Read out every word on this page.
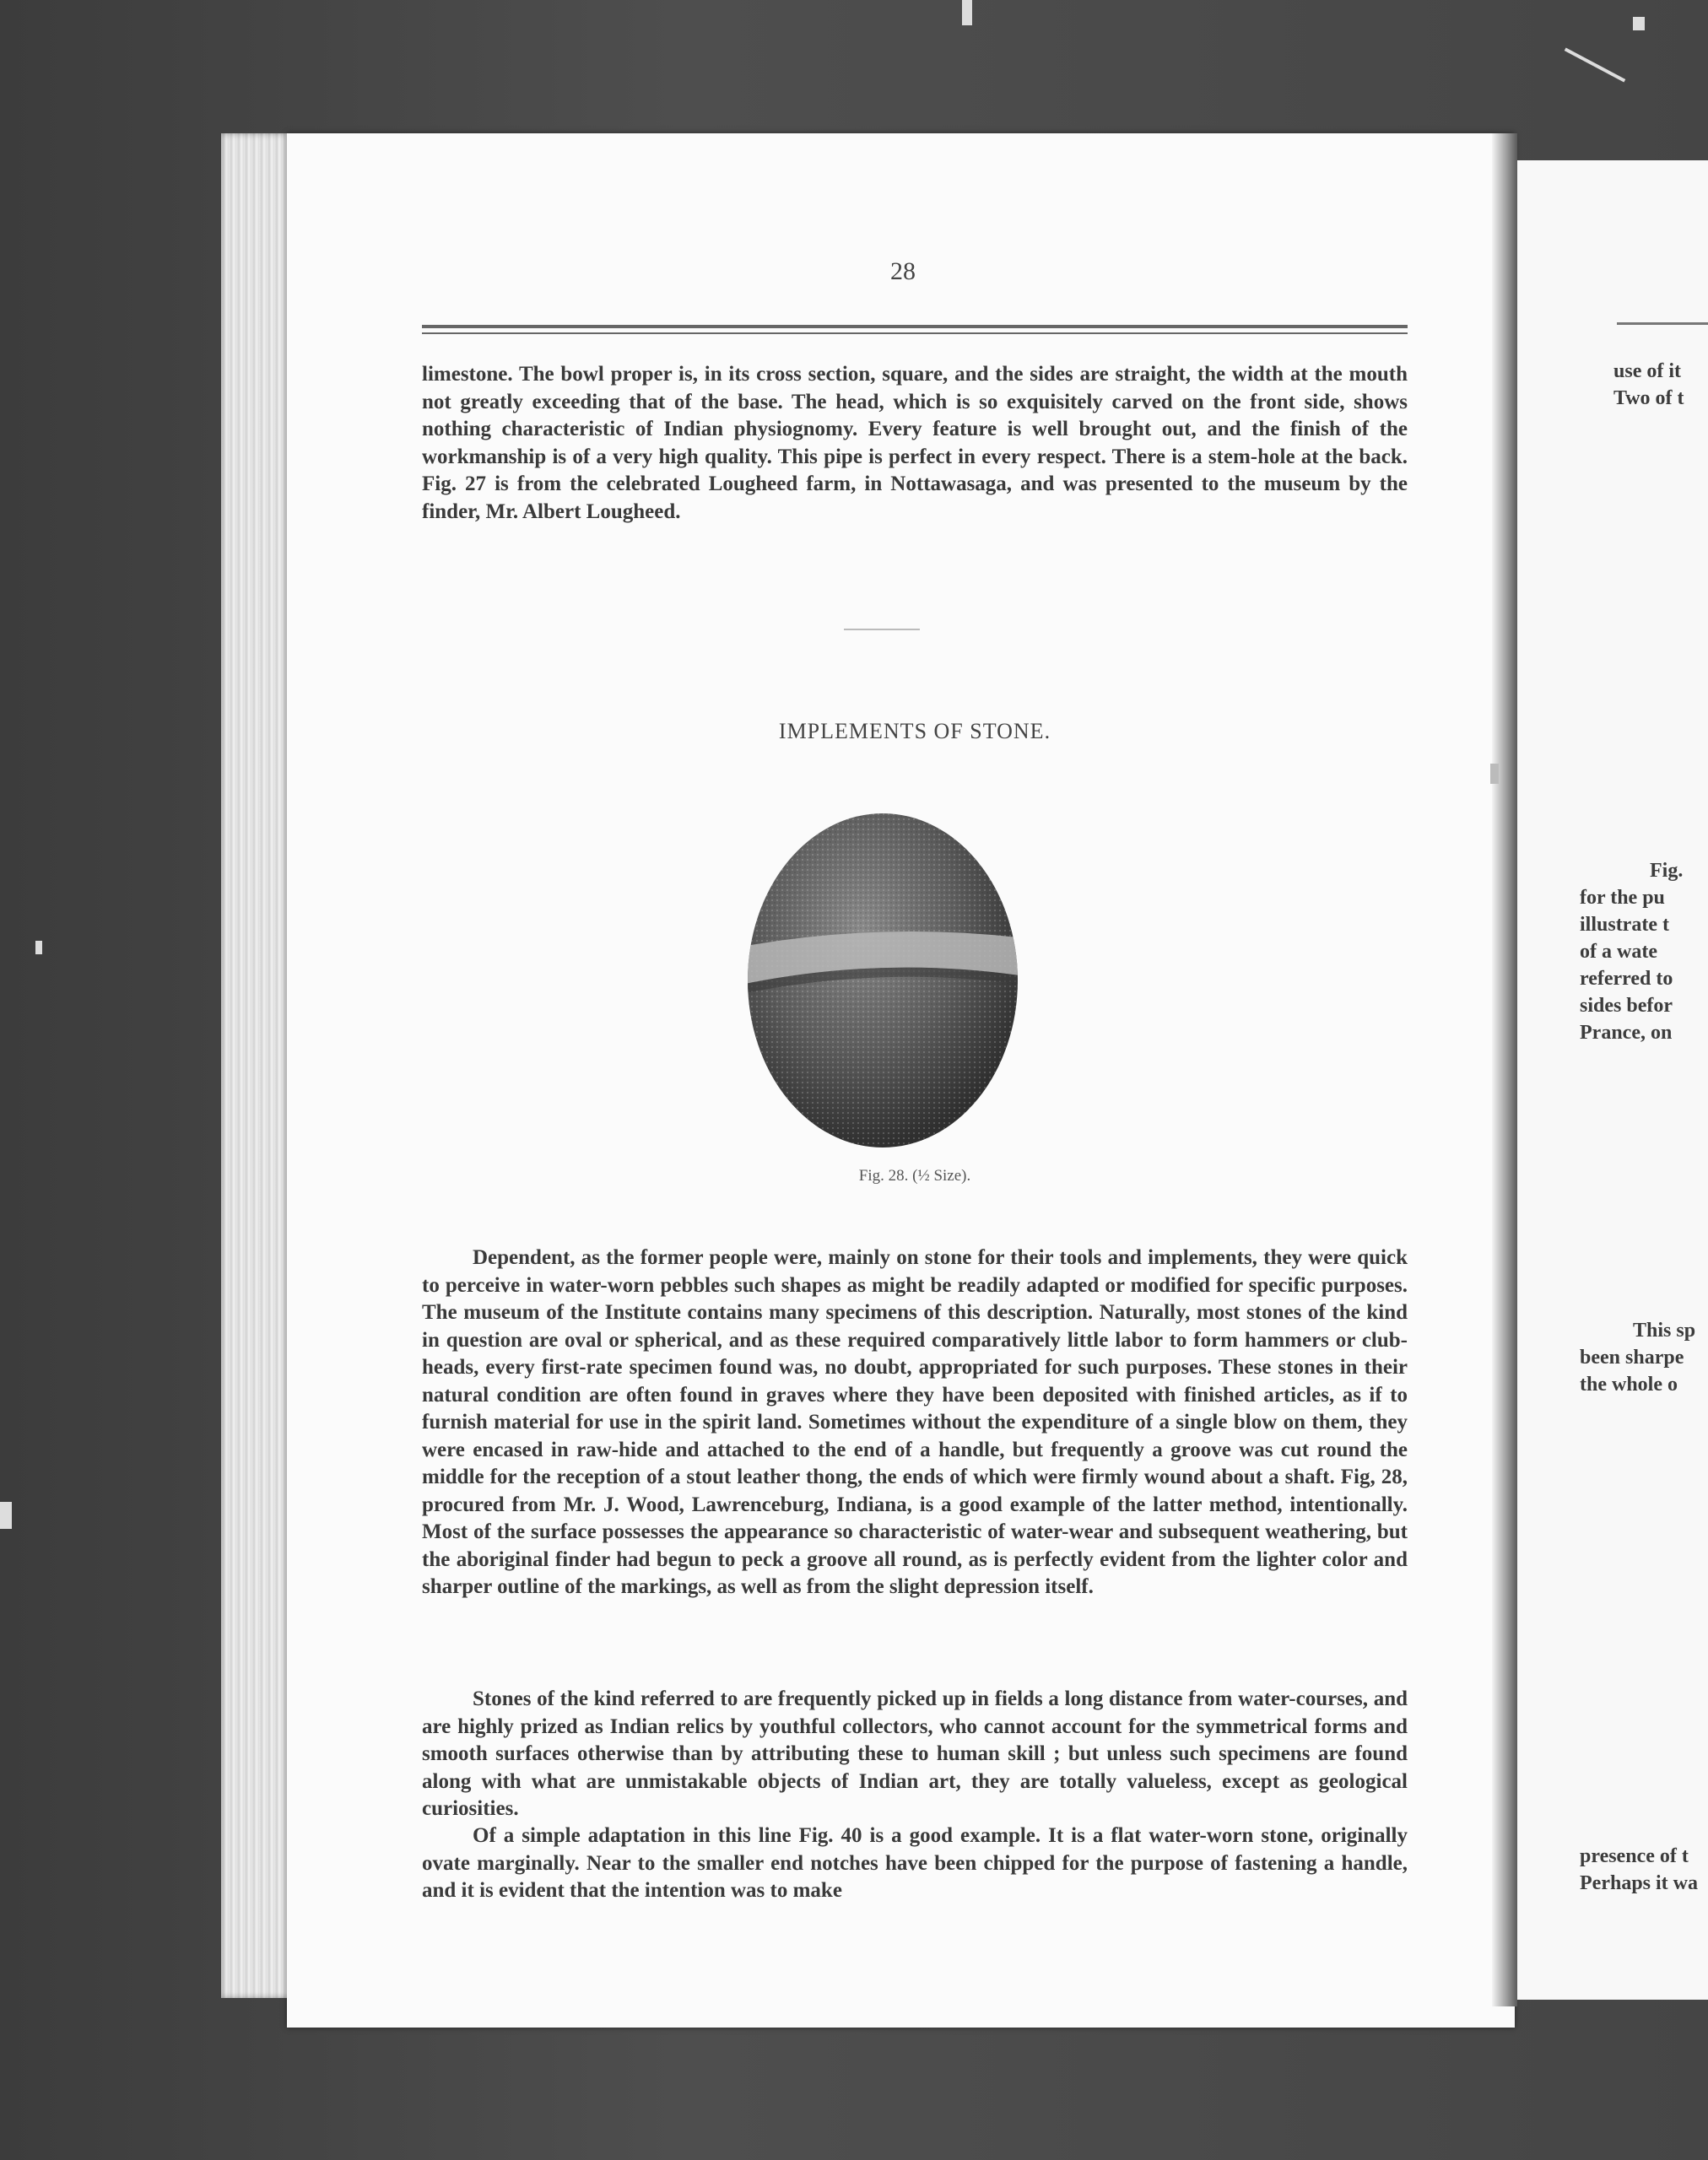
28

limestone. The bowl proper is, in its cross section, square, and the sides are straight, the width at the mouth not greatly exceeding that of the base. The head, which is so exquisitely carved on the front side, shows nothing characteristic of Indian physiognomy. Every feature is well brought out, and the finish of the workmanship is of a very high quality. This pipe is perfect in every respect. There is a stem-hole at the back. Fig. 27 is from the celebrated Lougheed farm, in Nottawasaga, and was presented to the museum by the finder, Mr. Albert Lougheed.

IMPLEMENTS OF STONE.
Fig. 28. (½ Size).

Dependent, as the former people were, mainly on stone for their tools and implements, they were quick to perceive in water-worn pebbles such shapes as might be readily adapted or modified for specific purposes. The museum of the Institute contains many specimens of this description. Naturally, most stones of the kind in question are oval or spherical, and as these required comparatively little labor to form hammers or club-heads, every first-rate specimen found was, no doubt, appropriated for such purposes. These stones in their natural condition are often found in graves where they have been deposited with finished articles, as if to furnish material for use in the spirit land. Sometimes without the expenditure of a single blow on them, they were encased in raw-hide and attached to the end of a handle, but frequently a groove was cut round the middle for the reception of a stout leather thong, the ends of which were firmly wound about a shaft. Fig, 28, procured from Mr. J. Wood, Lawrenceburg, Indiana, is a good example of the latter method, intentionally. Most of the surface possesses the appearance so characteristic of water-wear and subsequent weathering, but the aboriginal finder had begun to peck a groove all round, as is perfectly evident from the lighter color and sharper outline of the markings, as well as from the slight depression itself.

Stones of the kind referred to are frequently picked up in fields a long distance from water-courses, and are highly prized as Indian relics by youthful collectors, who cannot account for the symmetrical forms and smooth surfaces otherwise than by attributing these to human skill ; but unless such specimens are found along with what are unmistakable objects of Indian art, they are totally valueless, except as geological curiosities.

Of a simple adaptation in this line Fig. 40 is a good example. It is a flat water-worn stone, originally ovate marginally. Near to the smaller end notches have been chipped for the purpose of fastening a handle, and it is evident that the intention was to make

use of it
Two of t
Fig.
for the pu
illustrate t
of a wate
referred to
sides befor
Prance, on
This sp
been sharpe
the whole o
presence of t
Perhaps it wa
